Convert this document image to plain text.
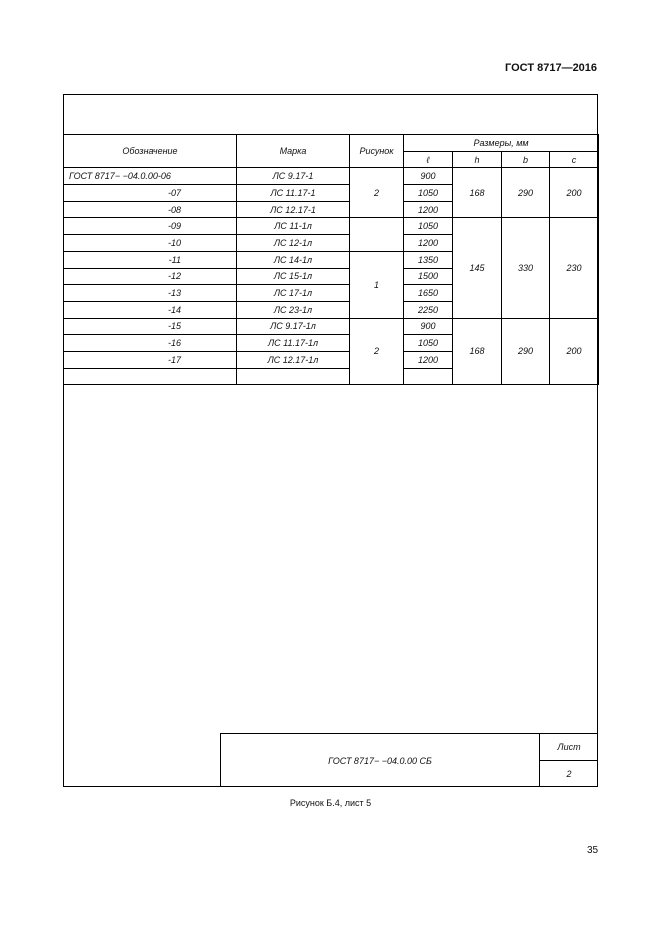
ГОСТ 8717—2016
Обозначение	Марка	Рисунок	Размеры, мм			
			ℓ	h	b	c
ГОСТ 8717− −04.0.00-06	ЛС 9.17-1	2	900	168	290	200
-07	ЛС 11.17-1		1050			
-08	ЛС 12.17-1		1200			
-09	ЛС 11-1л		1050	145	330	230
-10	ЛС 12-1л		1200			
-11	ЛС 14-1л	1	1350			
-12	ЛС 15-1л		1500			
-13	ЛС 17-1л		1650			
-14	ЛС 23-1л		2250			
-15	ЛС 9.17-1л	2	900	168	290	200
-16	ЛС 11.17-1л		1050			
-17	ЛС 12.17-1л		1200			

ГОСТ 8717− −04.0.00 СБ
Лист
2
Рисунок Б.4, лист 5
35
